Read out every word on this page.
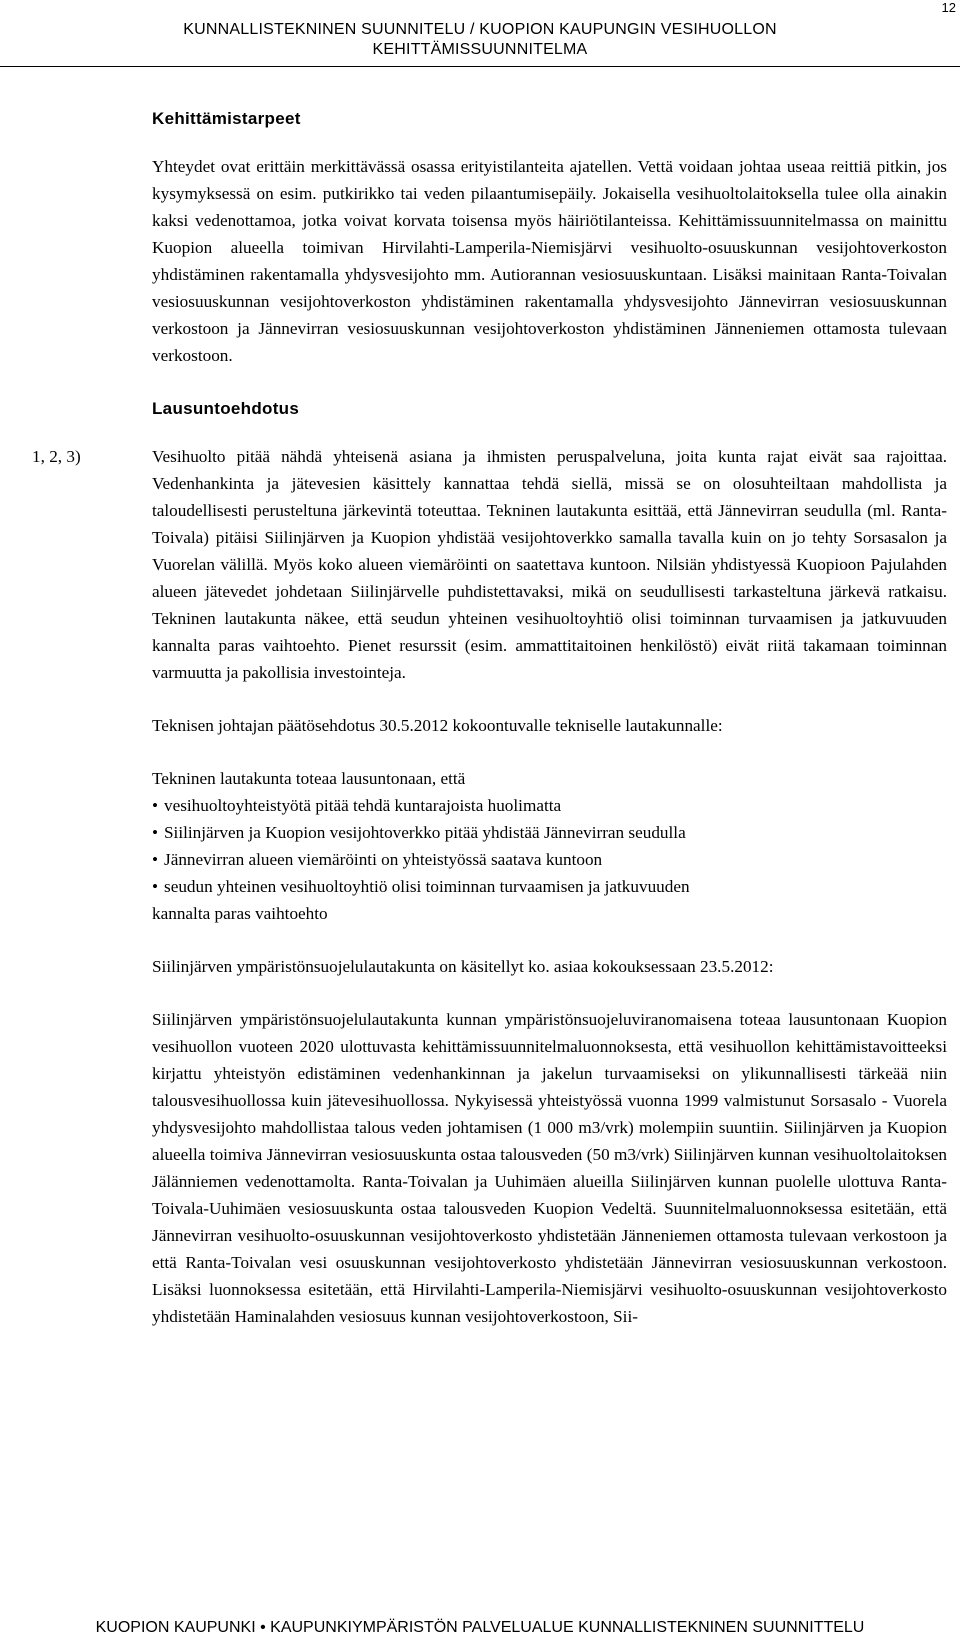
12
KUNNALLISTEKNINEN SUUNNITELU / KUOPION KAUPUNGIN VESIHUOLLON
KEHITTÄMISSUUNNITELMA
Kehittämistarpeet

Yhteydet ovat erittäin merkittävässä osassa erityistilanteita ajatellen. Vettä voidaan johtaa useaa reittiä pitkin, jos kysymyksessä on esim. putkirikko tai veden pilaantumisepäily. Jokaisella vesihuoltolaitoksella tulee olla ainakin kaksi vedenottamoa, jotka voivat korvata toisensa myös häiriötilanteissa. Kehittämissuunnitelmassa on mainittu Kuopion alueella toimivan Hirvilahti-Lamperila-Niemisjärvi vesihuolto-osuuskunnan vesijohtoverkoston yhdistäminen rakentamalla yhdysvesijohto mm. Autiorannan vesiosuuskuntaan. Lisäksi mainitaan Ranta-Toivalan vesiosuuskunnan vesijohtoverkoston yhdistäminen rakentamalla yhdysvesijohto Jännevirran vesiosuuskunnan verkostoon ja Jännevirran vesiosuuskunnan vesijohtoverkoston yhdistäminen Jänneniemen ottamosta tulevaan verkostoon.

Lausuntoehdotus
1, 2, 3)	Vesihuolto pitää nähdä yhteisenä asiana ja ihmisten peruspalveluna, joita kunta rajat eivät saa rajoittaa. Vedenhankinta ja jätevesien käsittely kannattaa tehdä siellä, missä se on olosuhteiltaan mahdollista ja taloudellisesti perusteltuna järkevintä toteuttaa. Tekninen lautakunta esittää, että Jännevirran seudulla (ml. Ranta-Toivala) pitäisi Siilinjärven ja Kuopion yhdistää vesijohtoverkko samalla tavalla kuin on jo tehty Sorsasalon ja Vuorelan välillä. Myös koko alueen viemäröinti on saatettava kuntoon. Nilsiän yhdistyessä Kuopioon Pajulahden alueen jätevedet johdetaan Siilinjärvelle puhdistettavaksi, mikä on seudullisesti tarkasteltuna järkevä ratkaisu. Tekninen lautakunta näkee, että seudun yhteinen vesihuoltoyhtiö olisi toiminnan turvaamisen ja jatkuvuuden kannalta paras vaihtoehto. Pienet resurssit (esim. ammattitaitoinen henkilöstö) eivät riitä takamaan toiminnan varmuutta ja pakollisia investointeja.

Teknisen johtajan päätösehdotus 30.5.2012 kokoontuvalle tekniselle lautakunnalle:

Tekninen lautakunta toteaa lausuntonaan, että

• vesihuoltoyhteistyötä pitää tehdä kuntarajoista huolimatta
• Siilinjärven ja Kuopion vesijohtoverkko pitää yhdistää Jännevirran seudulla
• Jännevirran alueen viemäröinti on yhteistyössä saatava kuntoon
• seudun yhteinen vesihuoltoyhtiö olisi toiminnan turvaamisen ja jatkuvuuden

kannalta paras vaihtoehto

Siilinjärven ympäristönsuojelulautakunta on käsitellyt ko. asiaa kokouksessaan 23.5.2012:

Siilinjärven ympäristönsuojelulautakunta kunnan ympäristönsuojeluviranomaisena toteaa lausuntonaan Kuopion vesihuollon vuoteen 2020 ulottuvasta kehittämissuunnitelmaluonnoksesta, että vesihuollon kehittämistavoitteeksi kirjattu yhteistyön edistäminen vedenhankinnan ja jakelun turvaamiseksi on ylikunnallisesti tärkeää niin talousvesihuollossa kuin jätevesihuollossa. Nykyisessä yhteistyössä vuonna 1999 valmistunut Sorsasalo - Vuorela yhdysvesijohto mahdollistaa talous veden johtamisen (1 000 m3/vrk) molempiin suuntiin. Siilinjärven ja Kuopion alueella toimiva Jännevirran vesiosuuskunta ostaa talousveden (50 m3/vrk) Siilinjärven kunnan vesihuoltolaitoksen Jälänniemen vedenottamolta. Ranta-Toivalan ja Uuhimäen alueilla Siilinjärven kunnan puolelle ulottuva Ranta-Toivala-Uuhimäen vesiosuuskunta ostaa talousveden Kuopion Vedeltä. Suunnitelmaluonnoksessa esitetään, että Jännevirran vesihuolto-osuuskunnan vesijohtoverkosto yhdistetään Jänneniemen ottamosta tulevaan verkostoon ja että Ranta-Toivalan vesi osuuskunnan vesijohtoverkosto yhdistetään Jännevirran vesiosuuskunnan verkostoon. Lisäksi luonnoksessa esitetään, että Hirvilahti-Lamperila-Niemisjärvi vesihuolto-osuuskunnan vesijohtoverkosto yhdistetään Haminalahden vesiosuus kunnan vesijohtoverkostoon, Sii-

KUOPION KAUPUNKI • KAUPUNKIYMPÄRISTÖN PALVELUALUE KUNNALLISTEKNINEN SUUNNITTELU
